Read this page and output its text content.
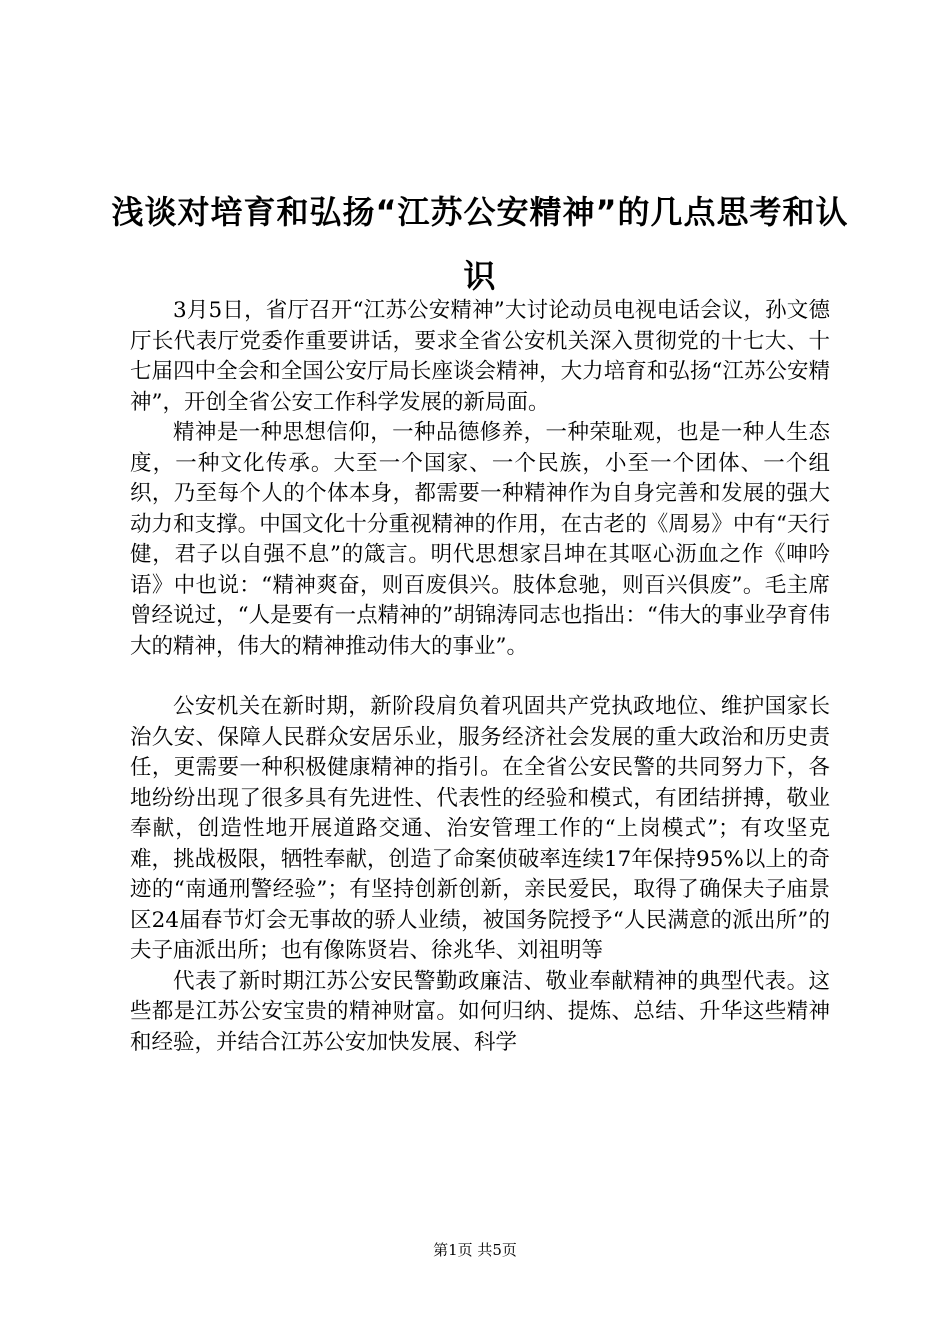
浅谈对培育和弘扬“江苏公安精神”的几点思考和认识

3月5日，省厅召开“江苏公安精神”大讨论动员电视电话会议，孙文德厅长代表厅党委作重要讲话，要求全省公安机关深入贯彻党的十七大、十七届四中全会和全国公安厅局长座谈会精神，大力培育和弘扬“江苏公安精神”，开创全省公安工作科学发展的新局面。

精神是一种思想信仰，一种品德修养，一种荣耻观，也是一种人生态度，一种文化传承。大至一个国家、一个民族，小至一个团体、一个组织，乃至每个人的个体本身，都需要一种精神作为自身完善和发展的强大动力和支撑。中国文化十分重视精神的作用，在古老的《周易》中有“天行健，君子以自强不息”的箴言。明代思想家吕坤在其呕心沥血之作《呻吟语》中也说：“精神爽奋，则百废俱兴。肢体怠驰，则百兴俱废”。毛主席曾经说过，“人是要有一点精神的”胡锦涛同志也指出：“伟大的事业孕育伟大的精神，伟大的精神推动伟大的事业”。

公安机关在新时期，新阶段肩负着巩固共产党执政地位、维护国家长治久安、保障人民群众安居乐业，服务经济社会发展的重大政治和历史责任，更需要一种积极健康精神的指引。在全省公安民警的共同努力下，各地纷纷出现了很多具有先进性、代表性的经验和模式，有团结拼搏，敬业奉献，创造性地开展道路交通、治安管理工作的“上岗模式”；有攻坚克难，挑战极限，牺牲奉献，创造了命案侦破率连续17年保持95%以上的奇迹的“南通刑警经验”；有坚持创新创新，亲民爱民，取得了确保夫子庙景区24届春节灯会无事故的骄人业绩，被国务院授予“人民满意的派出所”的夫子庙派出所；也有像陈贤岩、徐兆华、刘祖明等

代表了新时期江苏公安民警勤政廉洁、敬业奉献精神的典型代表。这些都是江苏公安宝贵的精神财富。如何归纳、提炼、总结、升华这些精神和经验，并结合江苏公安加快发展、科学

第1页 共5页
